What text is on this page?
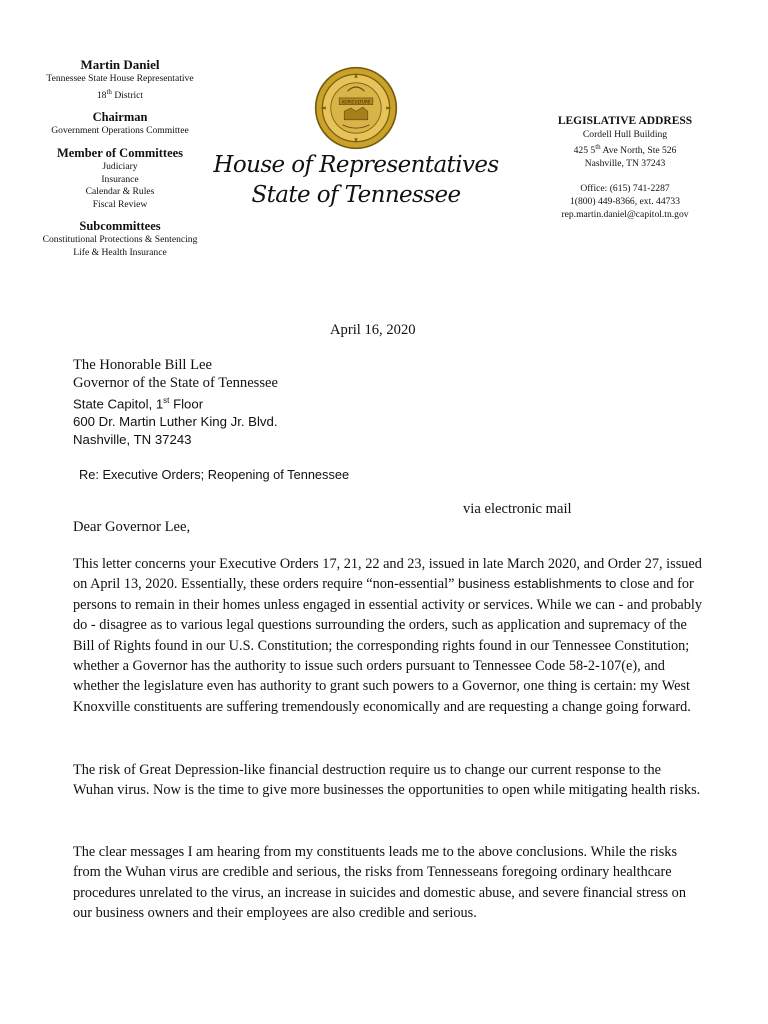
Martin Daniel
Tennessee State House Representative
18th District
Chairman
Government Operations Committee
Member of Committees
Judiciary
Insurance
Calendar & Rules
Fiscal Review
Subcommittees
Constitutional Protections & Sentencing
Life & Health Insurance
AGRICULTURE
House of Representatives
State of Tennessee
LEGISLATIVE ADDRESS
Cordell Hull Building
425 5th Ave North, Ste 526
Nashville, TN 37243
Office: (615) 741-2287
1(800) 449-8366, ext. 44733
rep.martin.daniel@capitol.tn.gov
April 16, 2020
The Honorable Bill Lee
Governor of the State of Tennessee
State Capitol, 1st Floor
600 Dr. Martin Luther King Jr. Blvd.
Nashville, TN 37243
Re: Executive Orders; Reopening of Tennessee
via electronic mail
Dear Governor Lee,
This letter concerns your Executive Orders 17, 21, 22 and 23, issued in late March 2020, and Order 27, issued on April 13, 2020. Essentially, these orders require “non-essential” business establishments to close and for persons to remain in their homes unless engaged in essential activity or services. While we can - and probably do - disagree as to various legal questions surrounding the orders, such as application and supremacy of the Bill of Rights found in our U.S. Constitution; the corresponding rights found in our Tennessee Constitution; whether a Governor has the authority to issue such orders pursuant to Tennessee Code 58-2-107(e), and whether the legislature even has authority to grant such powers to a Governor, one thing is certain: my West Knoxville constituents are suffering tremendously economically and are requesting a change going forward.
The risk of Great Depression-like financial destruction require us to change our current response to the Wuhan virus. Now is the time to give more businesses the opportunities to open while mitigating health risks.
The clear messages I am hearing from my constituents leads me to the above conclusions. While the risks from the Wuhan virus are credible and serious, the risks from Tennesseans foregoing ordinary healthcare procedures unrelated to the virus, an increase in suicides and domestic abuse, and severe financial stress on our business owners and their employees are also credible and serious.
